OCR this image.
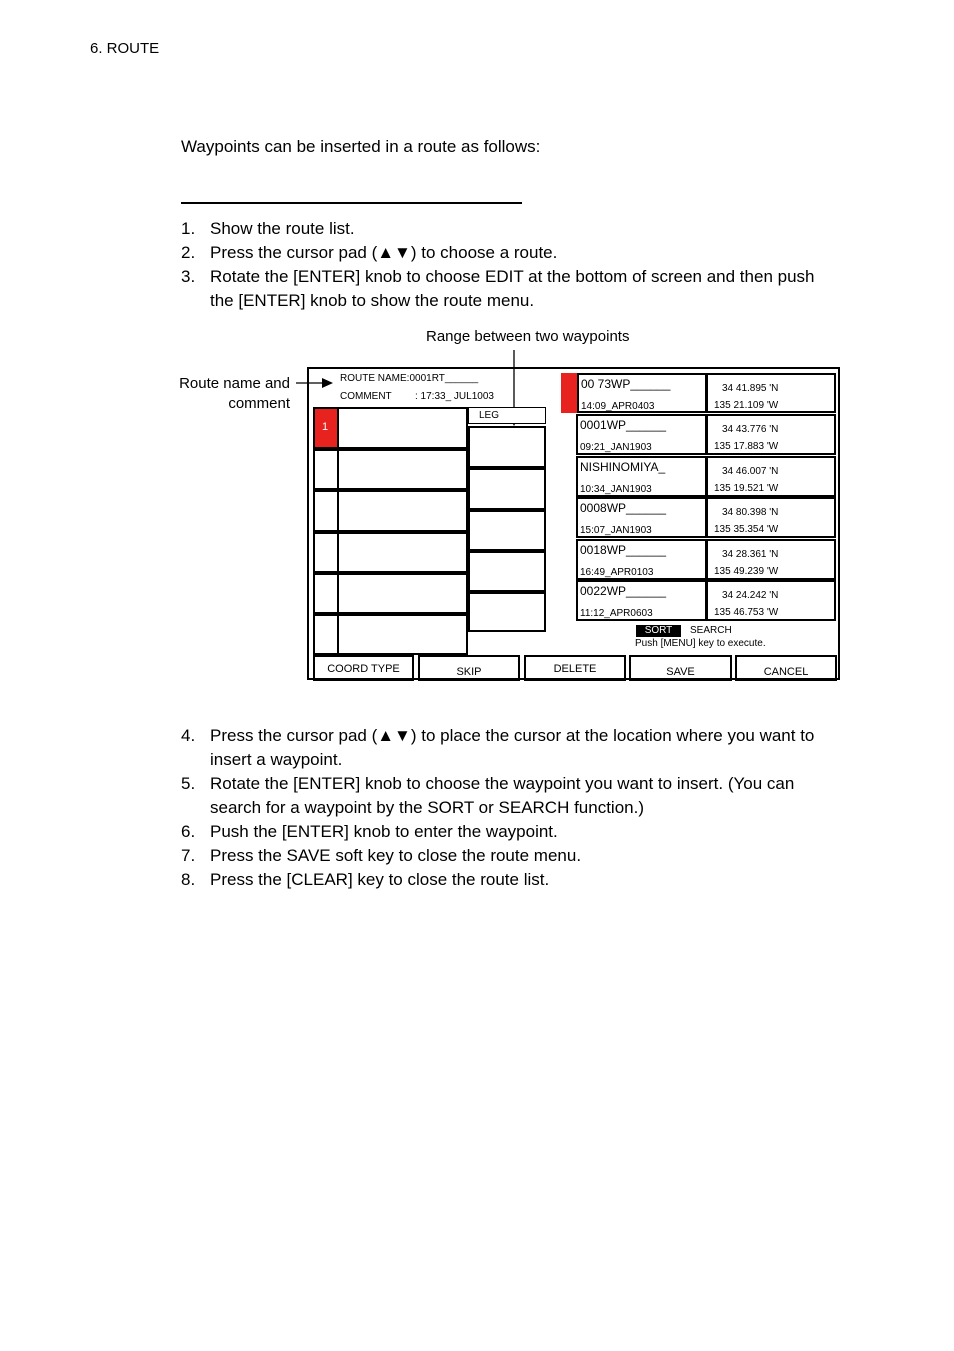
6. ROUTE
Waypoints can be inserted in a route as follows:
1. Show the route list.
2. Press the cursor pad (▲▼) to choose a route.
3. Rotate the [ENTER] knob to choose EDIT at the bottom of screen and then push the [ENTER] knob to show the route menu.
Range between two waypoints
Route name and
comment
ROUTE NAME:0001RT______
COMMENT : 17:33_ JUL1003
1
LEG
00 73WP______
14:09_APR0403
34 41.895 'N
135 21.109 'W
0001WP______
09:21_JAN1903
34 43.776 'N
135 17.883 'W
NISHINOMIYA_
10:34_JAN1903
34 46.007 'N
135 19.521 'W
0008WP______
15:07_JAN1903
34 80.398 'N
135 35.354 'W
0018WP______
16:49_APR0103
34 28.361 'N
135 49.239 'W
0022WP______
11:12_APR0603
34 24.242 'N
135 46.753 'W
SORT	SEARCH
Push [MENU] key to execute.
COORD TYPE	SKIP	DELETE	SAVE	CANCEL
4. Press the cursor pad (▲▼) to place the cursor at the location where you want to insert a waypoint.
5. Rotate the [ENTER] knob to choose the waypoint you want to insert. (You can search for a waypoint by the SORT or SEARCH function.)
6. Push the [ENTER] knob to enter the waypoint.
7. Press the SAVE soft key to close the route menu.
8. Press the [CLEAR] key to close the route list.
